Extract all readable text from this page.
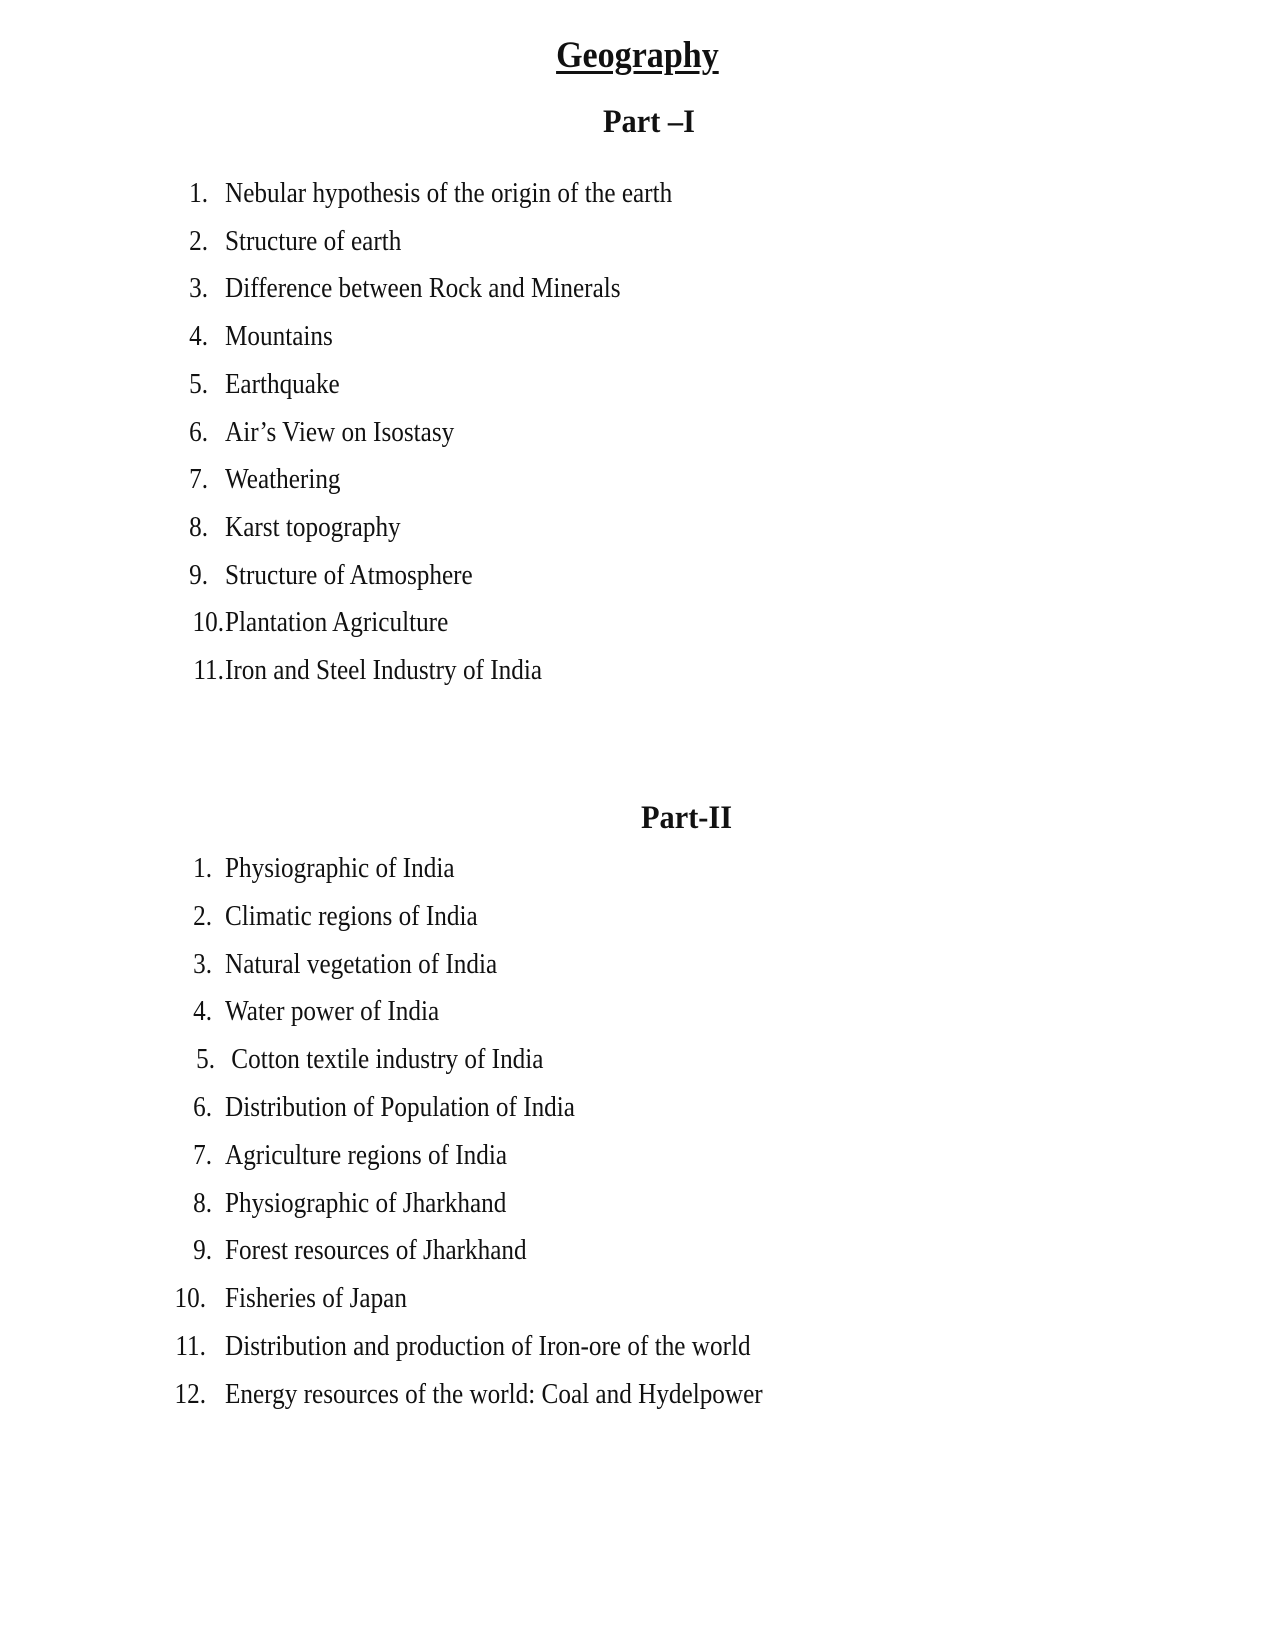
Geography
Part –I
1. Nebular hypothesis of the origin of the earth
2. Structure of earth
3. Difference between Rock and Minerals
4. Mountains
5. Earthquake
6. Air’s View on Isostasy
7. Weathering
8. Karst topography
9. Structure of Atmosphere
10. Plantation Agriculture
11. Iron and Steel Industry of India
Part-II
1. Physiographic of India
2. Climatic regions of India
3. Natural vegetation of India
4. Water power of India
5. Cotton textile industry of India
6. Distribution of Population of India
7. Agriculture regions of India
8. Physiographic of Jharkhand
9. Forest resources of Jharkhand
10. Fisheries of Japan
11. Distribution and production of Iron-ore of the world
12. Energy resources of the world: Coal and Hydelpower
